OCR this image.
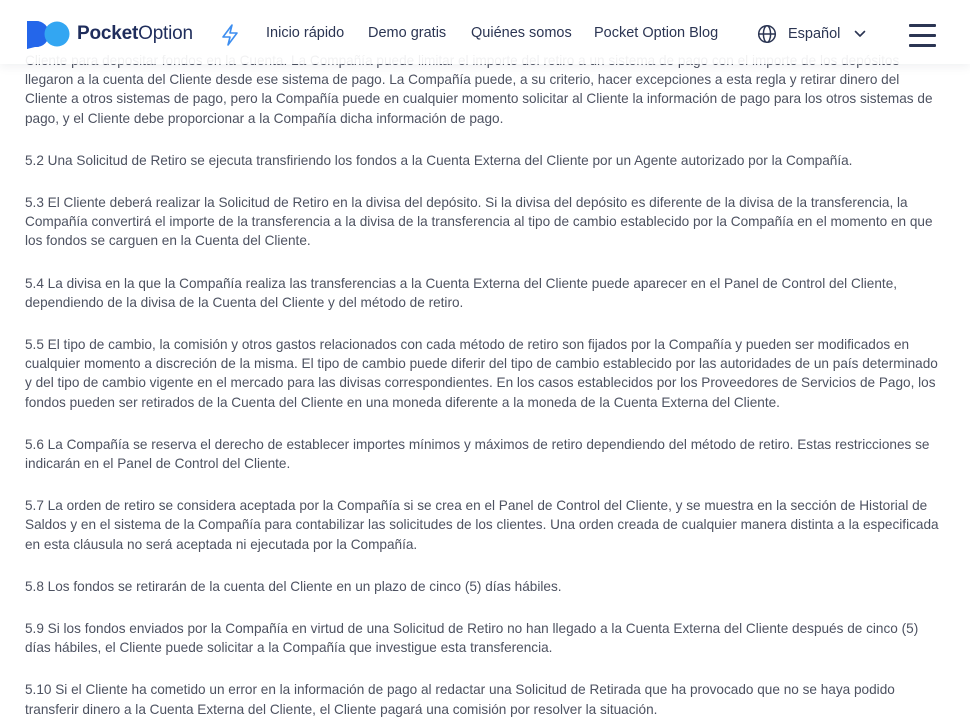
llegaron a la cuenta del Cliente desde ese sistema de pago. La Compañía puede, a su criterio, hacer excepciones a esta regla y retirar dinero del Cliente a otros sistemas de pago, pero la Compañía puede en cualquier momento solicitar al Cliente la información de pago para los otros sistemas de pago, y el Cliente debe proporcionar a la Compañía dicha información de pago.

5.2 Una Solicitud de Retiro se ejecuta transfiriendo los fondos a la Cuenta Externa del Cliente por un Agente autorizado por la Compañía.

5.3 El Cliente deberá realizar la Solicitud de Retiro en la divisa del depósito. Si la divisa del depósito es diferente de la divisa de la transferencia, la Compañía convertirá el importe de la transferencia a la divisa de la transferencia al tipo de cambio establecido por la Compañía en el momento en que los fondos se carguen en la Cuenta del Cliente.

5.4 La divisa en la que la Compañía realiza las transferencias a la Cuenta Externa del Cliente puede aparecer en el Panel de Control del Cliente, dependiendo de la divisa de la Cuenta del Cliente y del método de retiro.

5.5 El tipo de cambio, la comisión y otros gastos relacionados con cada método de retiro son fijados por la Compañía y pueden ser modificados en cualquier momento a discreción de la misma. El tipo de cambio puede diferir del tipo de cambio establecido por las autoridades de un país determinado y del tipo de cambio vigente en el mercado para las divisas correspondientes. En los casos establecidos por los Proveedores de Servicios de Pago, los fondos pueden ser retirados de la Cuenta del Cliente en una moneda diferente a la moneda de la Cuenta Externa del Cliente.

5.6 La Compañía se reserva el derecho de establecer importes mínimos y máximos de retiro dependiendo del método de retiro. Estas restricciones se indicarán en el Panel de Control del Cliente.

5.7 La orden de retiro se considera aceptada por la Compañía si se crea en el Panel de Control del Cliente, y se muestra en la sección de Historial de Saldos y en el sistema de la Compañía para contabilizar las solicitudes de los clientes. Una orden creada de cualquier manera distinta a la especificada en esta cláusula no será aceptada ni ejecutada por la Compañía.

5.8 Los fondos se retirarán de la cuenta del Cliente en un plazo de cinco (5) días hábiles.

5.9 Si los fondos enviados por la Compañía en virtud de una Solicitud de Retiro no han llegado a la Cuenta Externa del Cliente después de cinco (5) días hábiles, el Cliente puede solicitar a la Compañía que investigue esta transferencia.

5.10 Si el Cliente ha cometido un error en la información de pago al redactar una Solicitud de Retirada que ha provocado que no se haya podido transferir dinero a la Cuenta Externa del Cliente, el Cliente pagará una comisión por resolver la situación.

PocketOption	Inicio rápido Demo gratis Quiénes somos Pocket Option Blog	Español
